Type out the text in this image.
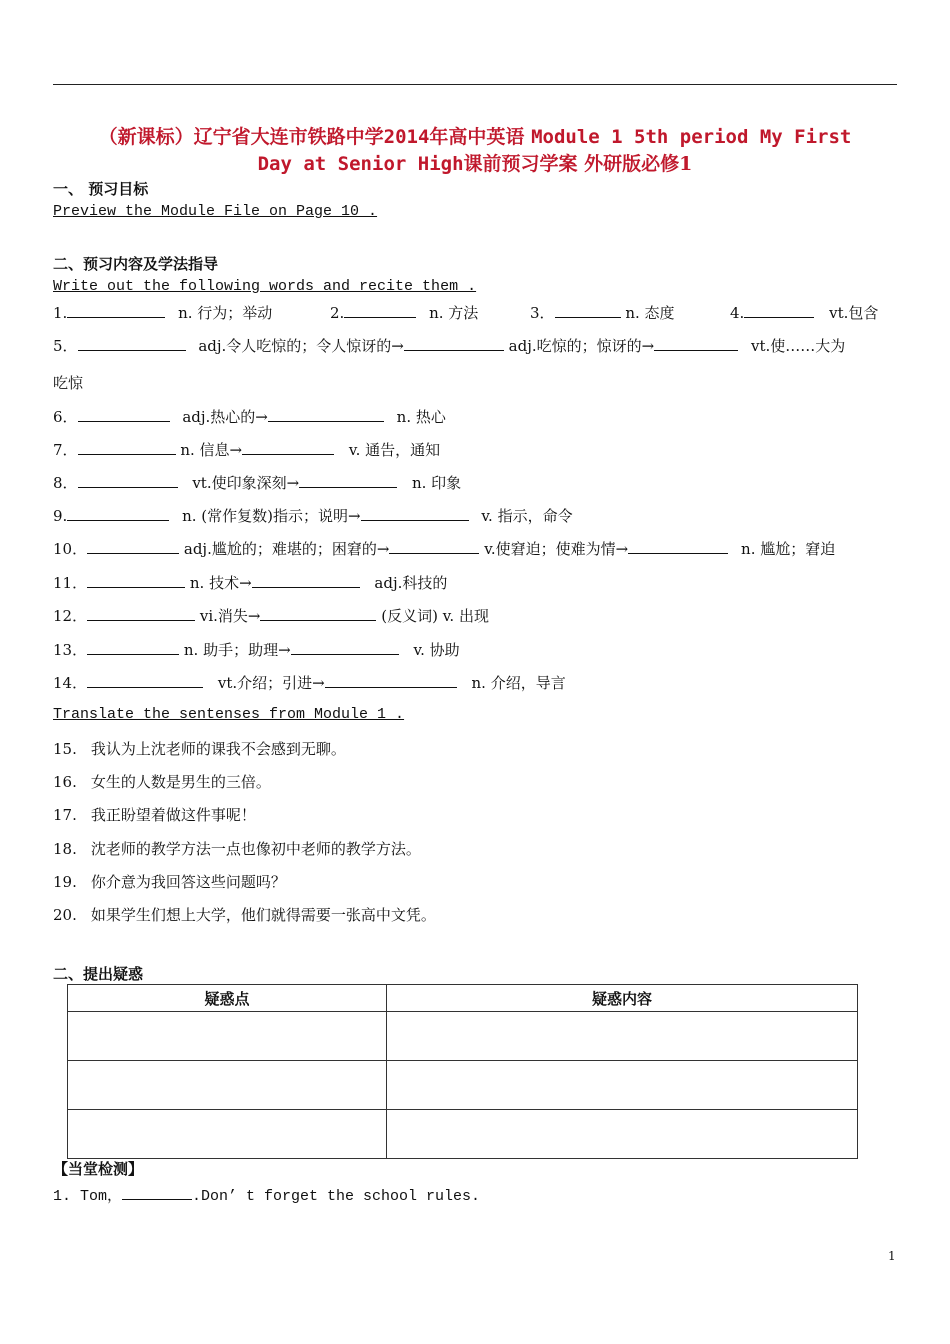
（新课标）辽宁省大连市铁路中学2014年高中英语 Module 1 5th period My First
Day at Senior High课前预习学案 外研版必修1
一、 预习目标
Preview the Module File on Page 10 .
二、预习内容及学法指导
Write out the following words and recite them .
1.	n. 行为；举动	2.	n. 方法	3．	n. 态度	4.	vt.包含
5．	adj.令人吃惊的；令人惊讶的→	adj.吃惊的；惊讶的→	vt.使……大为
吃惊
6．	adj.热心的→	n. 热心
7．	n. 信息→	v. 通告，通知
8．	vt.使印象深刻→	n. 印象
9.	n. (常作复数)指示；说明→	v. 指示，命令
10．	adj.尴尬的；难堪的；困窘的→	v.使窘迫；使难为情→	n. 尴尬；窘迫
11．	n. 技术→	adj.科技的
12．	vi.消失→	(反义词) v. 出现
13．	n. 助手；助理→	v. 协助
14．	vt.介绍；引进→	n. 介绍，导言
Translate the sentenses from Module 1 .
15. 我认为上沈老师的课我不会感到无聊。
16. 女生的人数是男生的三倍。
17. 我正盼望着做这件事呢！
18. 沈老师的教学方法一点也像初中老师的教学方法。
19. 你介意为我回答这些问题吗？
20. 如果学生们想上大学，他们就得需要一张高中文凭。
二、提出疑惑
疑惑点	疑惑内容

【当堂检测】
1. Tom，	.Don’ t forget the school rules.
1
